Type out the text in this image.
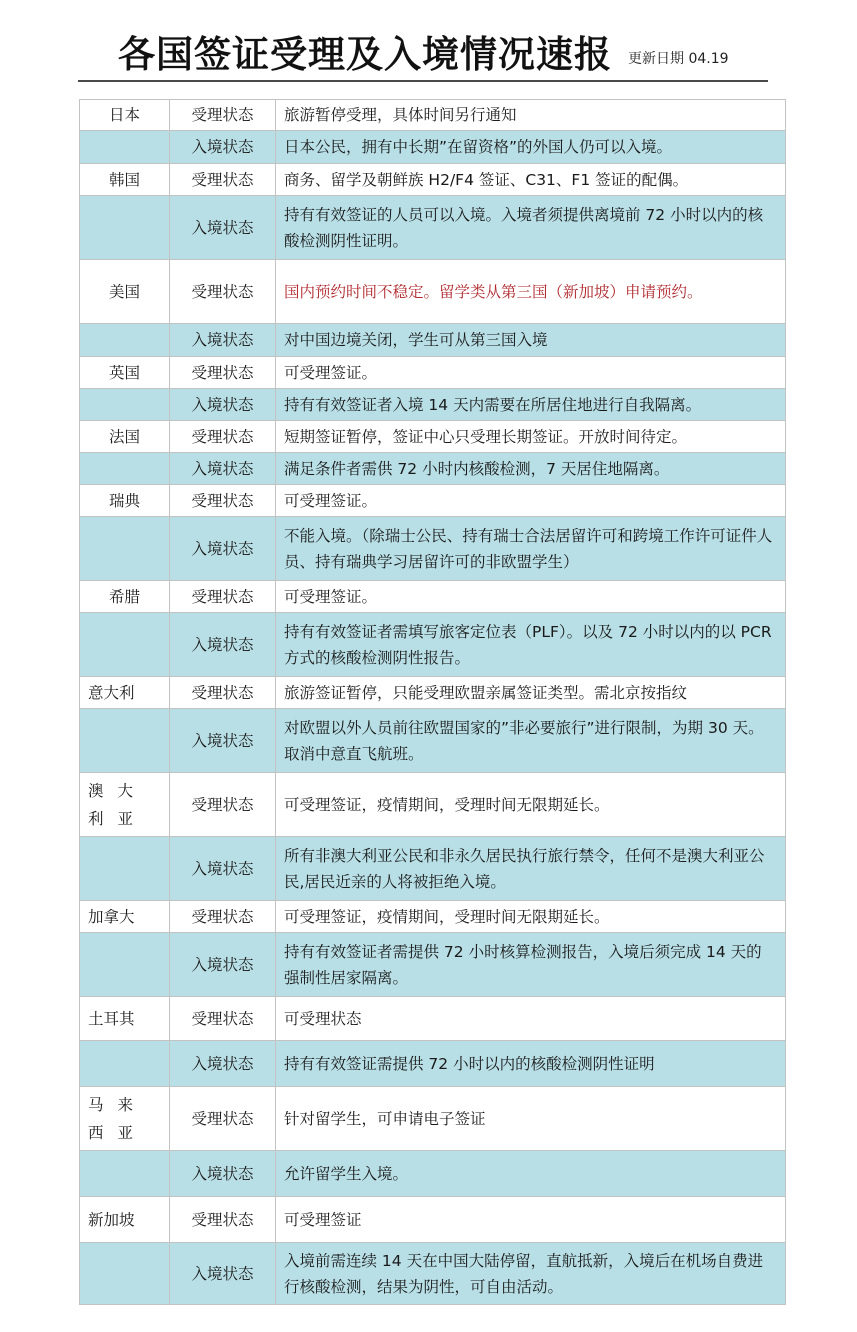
各国签证受理及入境情况速报 更新日期 04.19
日本	受理状态	旅游暂停受理，具体时间另行通知
	入境状态	日本公民，拥有中长期”在留资格”的外国人仍可以入境。
韩国	受理状态	商务、留学及朝鲜族 H2/F4 签证、C31、F1 签证的配偶。
	入境状态	持有有效签证的人员可以入境。入境者须提供离境前 72 小时以内的核酸检测阴性证明。
美国	受理状态	国内预约时间不稳定。留学类从第三国（新加坡）申请预约。
	入境状态	对中国边境关闭，学生可从第三国入境
英国	受理状态	可受理签证。
	入境状态	持有有效签证者入境 14 天内需要在所居住地进行自我隔离。
法国	受理状态	短期签证暂停，签证中心只受理长期签证。开放时间待定。
	入境状态	满足条件者需供 72 小时内核酸检测，7 天居住地隔离。
瑞典	受理状态	可受理签证。
	入境状态	不能入境。（除瑞士公民、持有瑞士合法居留许可和跨境工作许可证件人员、持有瑞典学习居留许可的非欧盟学生）
希腊	受理状态	可受理签证。
	入境状态	持有有效签证者需填写旅客定位表（PLF）。以及 72 小时以内的以 PCR 方式的核酸检测阴性报告。
意大利	受理状态	旅游签证暂停，只能受理欧盟亲属签证类型。需北京按指纹
	入境状态	对欧盟以外人员前往欧盟国家的”非必要旅行”进行限制，为期 30 天。取消中意直飞航班。
澳大利亚	受理状态	可受理签证，疫情期间，受理时间无限期延长。
	入境状态	所有非澳大利亚公民和非永久居民执行旅行禁令，任何不是澳大利亚公民,居民近亲的人将被拒绝入境。
加拿大	受理状态	可受理签证，疫情期间，受理时间无限期延长。
	入境状态	持有有效签证者需提供 72 小时核算检测报告，入境后须完成 14 天的强制性居家隔离。
土耳其	受理状态	可受理状态
	入境状态	持有有效签证需提供 72 小时以内的核酸检测阴性证明
马来西亚	受理状态	针对留学生，可申请电子签证
	入境状态	允许留学生入境。
新加坡	受理状态	可受理签证
	入境状态	入境前需连续 14 天在中国大陆停留，直航抵新，入境后在机场自费进行核酸检测，结果为阴性，可自由活动。
